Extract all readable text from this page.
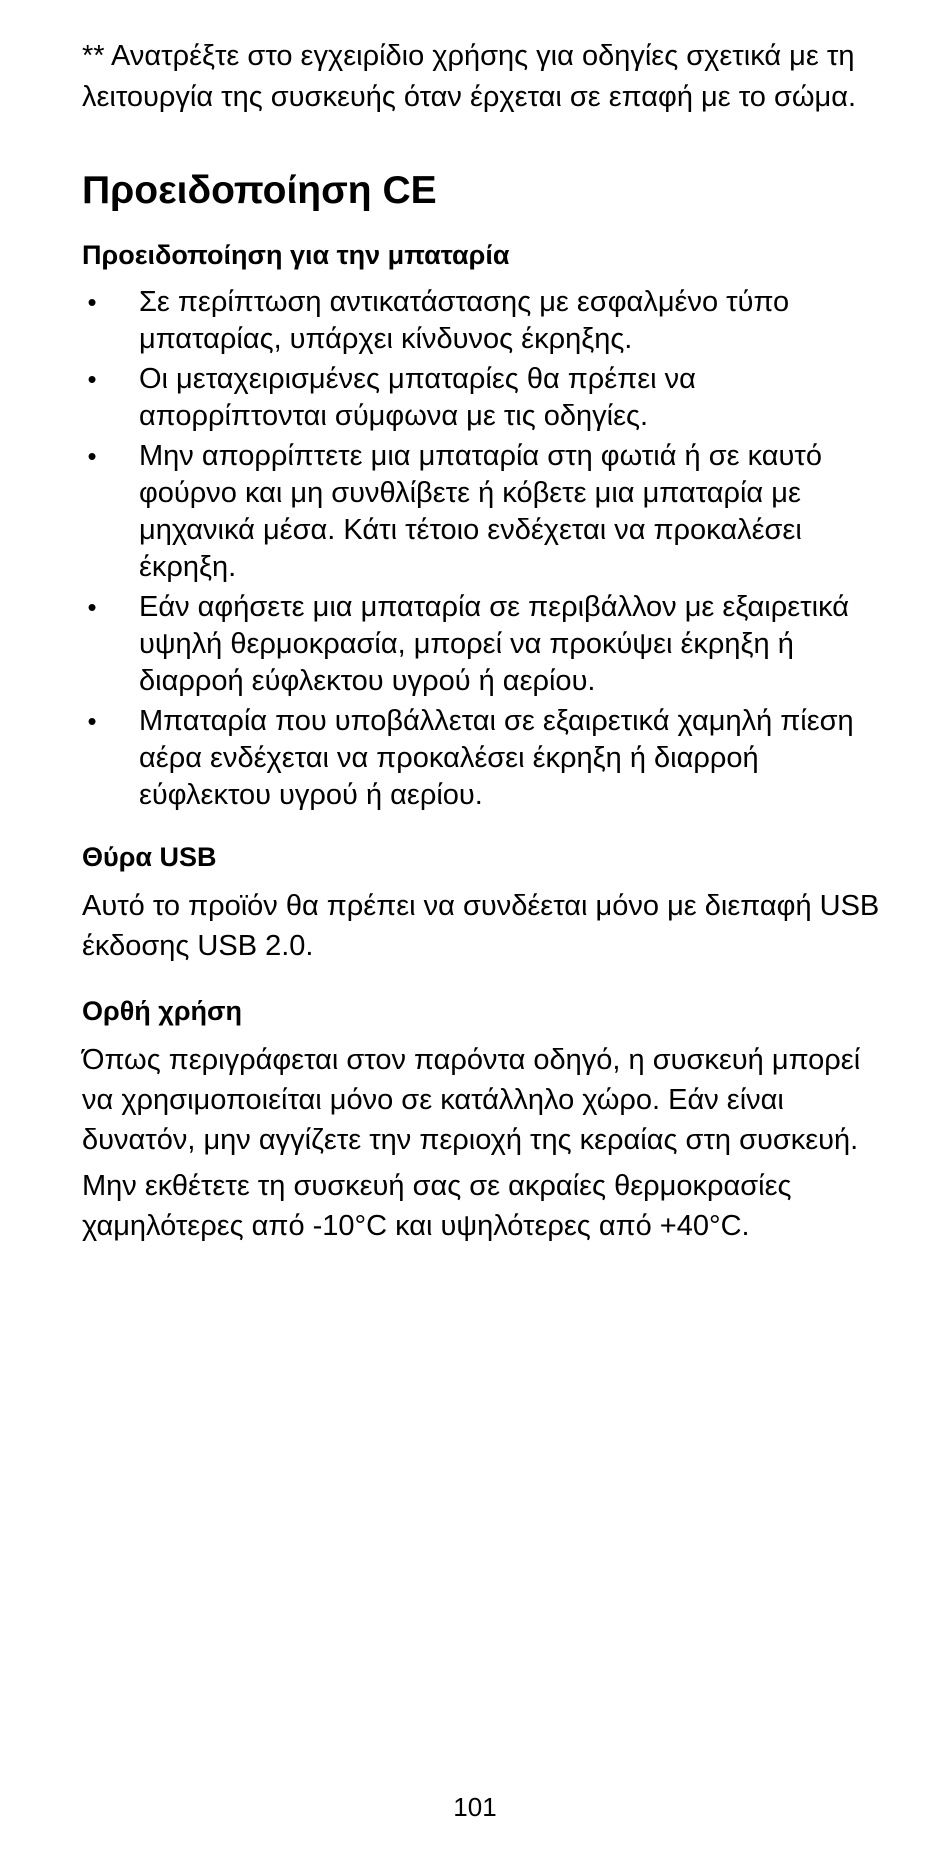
** Ανατρέξτε στο εγχειρίδιο χρήσης για οδηγίες σχετικά με τη λειτουργία της συσκευής όταν έρχεται σε επαφή με το σώμα.

Προειδοποίηση CE
Προειδοποίηση για την μπαταρία
• Σε περίπτωση αντικατάστασης με εσφαλμένο τύπο μπαταρίας, υπάρχει κίνδυνος έκρηξης.
• Οι μεταχειρισμένες μπαταρίες θα πρέπει να απορρίπτονται σύμφωνα με τις οδηγίες.
• Μην απορρίπτετε μια μπαταρία στη φωτιά ή σε καυτό φούρνο και μη συνθλίβετε ή κόβετε μια μπαταρία με μηχανικά μέσα. Κάτι τέτοιο ενδέχεται να προκαλέσει έκρηξη.
• Εάν αφήσετε μια μπαταρία σε περιβάλλον με εξαιρετικά υψηλή θερμοκρασία, μπορεί να προκύψει έκρηξη ή διαρροή εύφλεκτου υγρού ή αερίου.
• Μπαταρία που υποβάλλεται σε εξαιρετικά χαμηλή πίεση αέρα ενδέχεται να προκαλέσει έκρηξη ή διαρροή εύφλεκτου υγρού ή αερίου.
Θύρα USB

Αυτό το προϊόν θα πρέπει να συνδέεται μόνο με διεπαφή USB έκδοσης USB 2.0.

Ορθή χρήση

Όπως περιγράφεται στον παρόντα οδηγό, η συσκευή μπορεί να χρησιμοποιείται μόνο σε κατάλληλο χώρο. Εάν είναι δυνατόν, μην αγγίζετε την περιοχή της κεραίας στη συσκευή.

Μην εκθέτετε τη συσκευή σας σε ακραίες θερμοκρασίες χαμηλότερες από -10°C και υψηλότερες από +40°C.

101
